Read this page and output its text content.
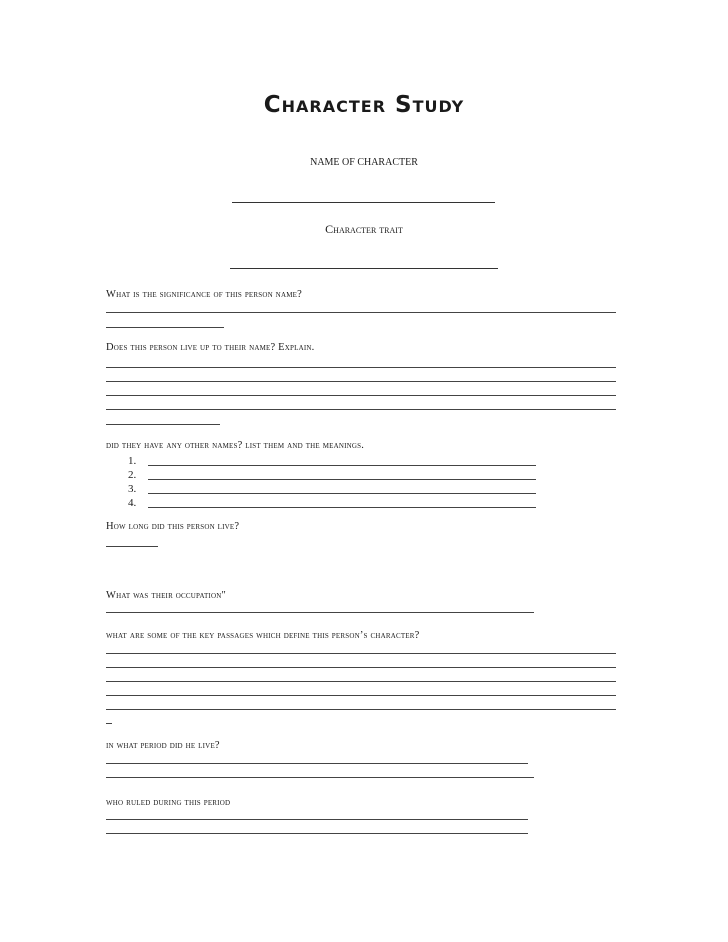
Character Study
NAME OF CHARACTER
Character trait
What is the significance of this person name?
Does this person live up to their name? Explain.
did they have any other names? list them and the meanings.
1.
2.
3.
4.
How long did this person live?
What was their occupation"
what are some of the key passages which define this person’s character?
in what period did he live?
who ruled during this period
